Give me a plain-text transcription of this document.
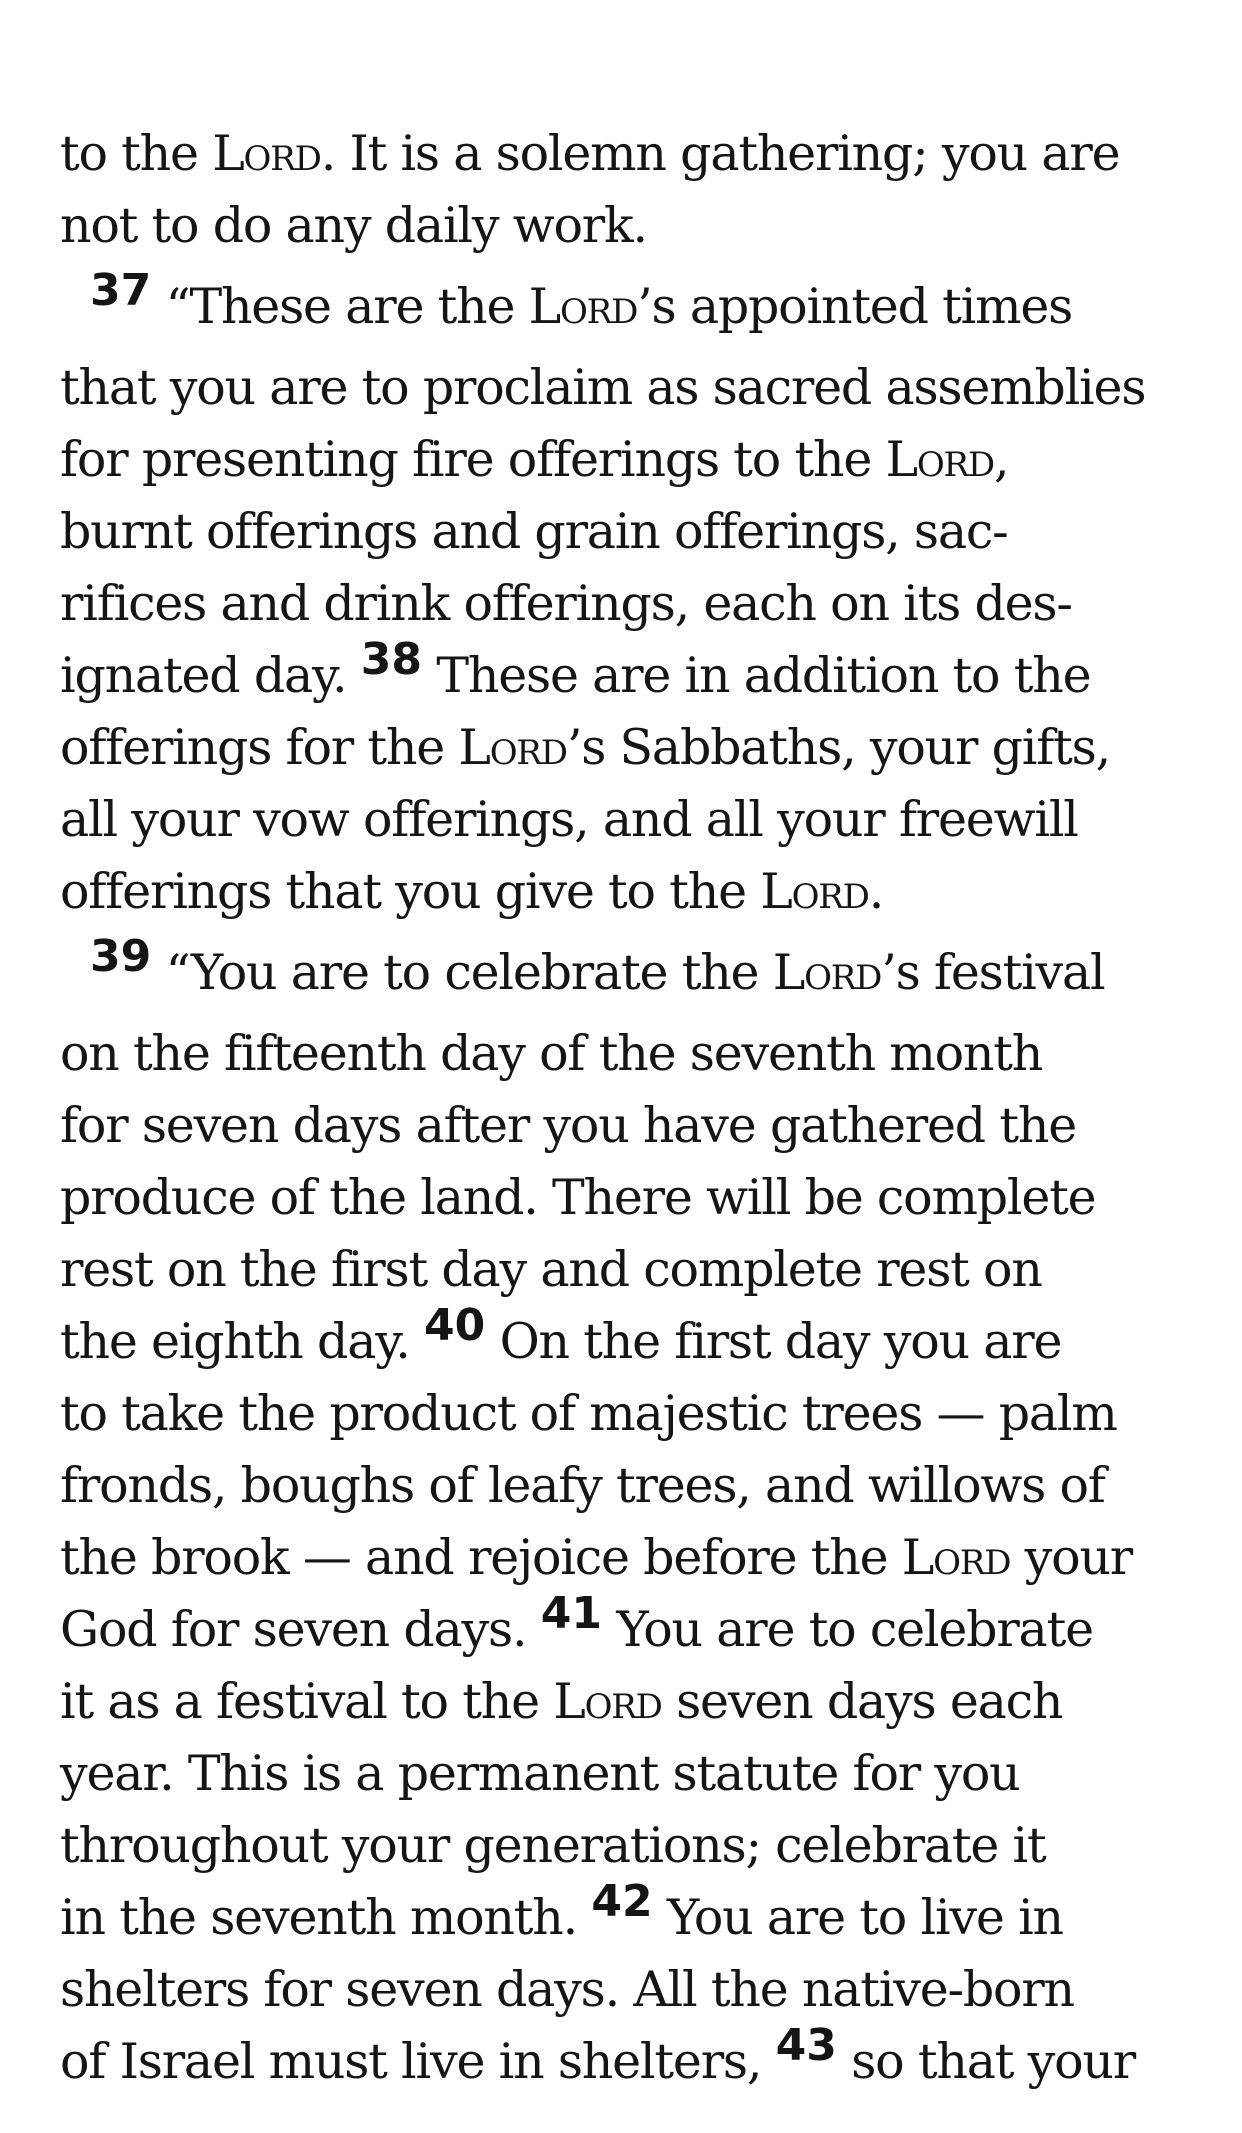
to the Lord. It is a solemn gathering; you are
not to do any daily work.
37 “These are the Lord’s appointed times
that you are to proclaim as sacred assemblies
for presenting fire offerings to the Lord,
burnt offerings and grain offerings, sac-
rifices and drink offerings, each on its des-
ignated day. 38 These are in addition to the
offerings for the Lord’s Sabbaths, your gifts,
all your vow offerings, and all your freewill
offerings that you give to the Lord.
39 “You are to celebrate the Lord’s festival
on the fifteenth day of the seventh month
for seven days after you have gathered the
produce of the land. There will be complete
rest on the first day and complete rest on
the eighth day. 40 On the first day you are
to take the product of majestic trees — palm
fronds, boughs of leafy trees, and willows of
the brook — and rejoice before the Lord your
God for seven days. 41 You are to celebrate
it as a festival to the Lord seven days each
year. This is a permanent statute for you
throughout your generations; celebrate it
in the seventh month. 42 You are to live in
shelters for seven days. All the native-born
of Israel must live in shelters, 43 so that your
